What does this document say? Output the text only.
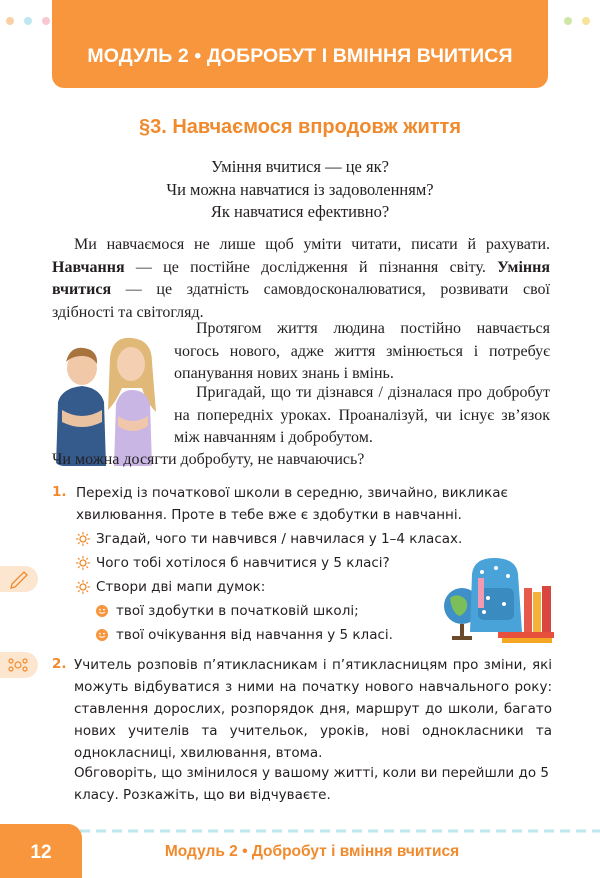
МОДУЛЬ 2 • ДОБРОБУТ І ВМІННЯ ВЧИТИСЯ
§3. Навчаємося впродовж життя
Уміння вчитися — це як?
Чи можна навчатися із задоволенням?
Як навчатися ефективно?
Ми навчаємося не лише щоб уміти читати, писати й рахувати. Навчання — це постійне дослідження й пізнання світу. Уміння вчитися — це здатність самовдосконалюватися, розвивати свої здібності та світогляд.
Протягом життя людина постійно навчається чогось нового, адже життя змінюється і потребує опанування нових знань і вмінь.
Пригадай, що ти дізнався / дізналася про добробут на попередніх уроках. Проаналізуй, чи існує зв’язок між навчанням і добробутом.
Чи можна досягти добробуту, не навчаючись?
1. Перехід із початкової школи в середню, звичайно, викликає хвилювання. Проте в тебе вже є здобутки в навчанні.
Згадай, чого ти навчився / навчилася у 1–4 класах.
Чого тобі хотілося б навчитися у 5 класі?
Створи дві мапи думок:
твої здобутки в початковій школі;
твої очікування від навчання у 5 класі.
2. Учитель розповів п’ятикласникам і п’ятикласницям про зміни, які можуть відбуватися з ними на початку нового навчального року: ставлення дорослих, розпорядок дня, маршрут до школи, багато нових учителів та учительок, уроків, нові однокласники та однокласниці, хвилювання, втома.
Обговоріть, що змінилося у вашому житті, коли ви перейшли до 5 класу. Розкажіть, що ви відчуваєте.
12	Модуль 2 • Добробут і вміння вчитися
